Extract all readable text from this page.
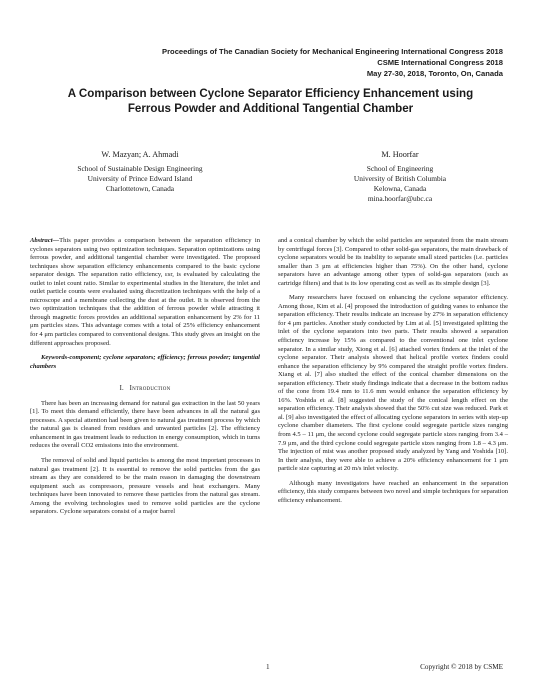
Proceedings of The Canadian Society for Mechanical Engineering International Congress 2018
CSME International Congress 2018
May 27-30, 2018, Toronto, On, Canada
A Comparison between Cyclone Separator Efficiency Enhancement using
Ferrous Powder and Additional Tangential Chamber
W. Mazyan; A. Ahmadi
School of Sustainable Design Engineering
University of Prince Edward Island
Charlottetown, Canada
M. Hoorfar
School of Engineering
University of British Columbia
Kelowna, Canada
mina.hoorfar@ubc.ca

Abstract—This paper provides a comparison between the separation efficiency in cyclones separators using two optimization techniques. Separation optimizations using ferrous powder, and additional tangential chamber were investigated. The proposed techniques show separation efficiency enhancements compared to the basic cyclone separator design. The separation ratio efficiency, εsr, is evaluated by calculating the outlet to inlet count ratio. Similar to experimental studies in the literature, the inlet and outlet particle counts were evaluated using discretization techniques with the help of a microscope and a membrane collecting the dust at the outlet. It is observed from the two optimization techniques that the addition of ferrous powder while attracting it through magnetic forces provides an additional separation enhancement by 2% for 11 μm particles sizes. This advantage comes with a total of 25% efficiency enhancement for 4 μm particles compared to conventional designs. This study gives an insight on the different approaches proposed.

Keywords-component; cyclone separators; efficiency; ferrous powder; tangential chambers

I. Introduction

There has been an increasing demand for natural gas extraction in the last 50 years [1]. To meet this demand efficiently, there have been advances in all the natural gas processes. A special attention had been given to natural gas treatment process by which the natural gas is cleaned from residues and unwanted particles [2]. The efficiency enhancement in gas treatment leads to reduction in energy consumption, which in turns reduces the overall CO2 emissions into the environment.

The removal of solid and liquid particles is among the most important processes in natural gas treatment [2]. It is essential to remove the solid particles from the gas stream as they are considered to be the main reason in damaging the downstream equipment such as compressors, pressure vessels and heat exchangers. Many techniques have been innovated to remove these particles from the natural gas stream. Among the evolving technologies used to remove solid particles are the cyclone separators. Cyclone separators consist of a major barrel

and a conical chamber by which the solid particles are separated from the main stream by centrifugal forces [3]. Compared to other solid-gas separators, the main drawback of cyclone separators would be its inability to separate small sized particles (i.e. particles smaller than 3 μm at efficiencies higher than 75%). On the other hand, cyclone separators have an advantage among other types of solid-gas separators (such as cartridge filters) and that is its low operating cost as well as its simple design [3].

Many researchers have focused on enhancing the cyclone separator efficiency. Among those, Kim et al. [4] proposed the introduction of guiding vanes to enhance the separation efficiency. Their results indicate an increase by 27% in separation efficiency for 4 μm particles. Another study conducted by Lim at al. [5] investigated splitting the inlet of the cyclone separators into two parts. Their results showed a separation efficiency increase by 15% as compared to the conventional one inlet cyclone separator. In a similar study, Xiong et al. [6] attached vortex finders at the inlet of the cyclone separator. Their analysis showed that helical profile vortex finders could enhance the separation efficiency by 9% compared the straight profile vortex finders. Xiang et al. [7] also studied the effect of the conical chamber dimensions on the separation efficiency. Their study findings indicate that a decrease in the bottom radius of the cone from 19.4 mm to 11.6 mm would enhance the separation efficiency by 16%. Yoshida et al. [8] suggested the study of the conical length effect on the separation efficiency. Their analysis showed that the 50% cut size was reduced. Park et al. [9] also investigated the effect of allocating cyclone separators in series with step-up cyclone chamber diameters. The first cyclone could segregate particle sizes ranging from 4.5 – 11 μm, the second cyclone could segregate particle sizes ranging from 3.4 – 7.9 μm, and the third cyclone could segregate particle sizes ranging from 1.8 – 4.3 μm. The injection of mist was another proposed study analyzed by Yang and Yoshida [10]. In their analysis, they were able to achieve a 20% efficiency enhancement for 1 μm particle size capturing at 20 m/s inlet velocity.

Although many investigators have reached an enhancement in the separation efficiency, this study compares between two novel and simple techniques for separation efficiency enhancement.

1	Copyright © 2018 by CSME
